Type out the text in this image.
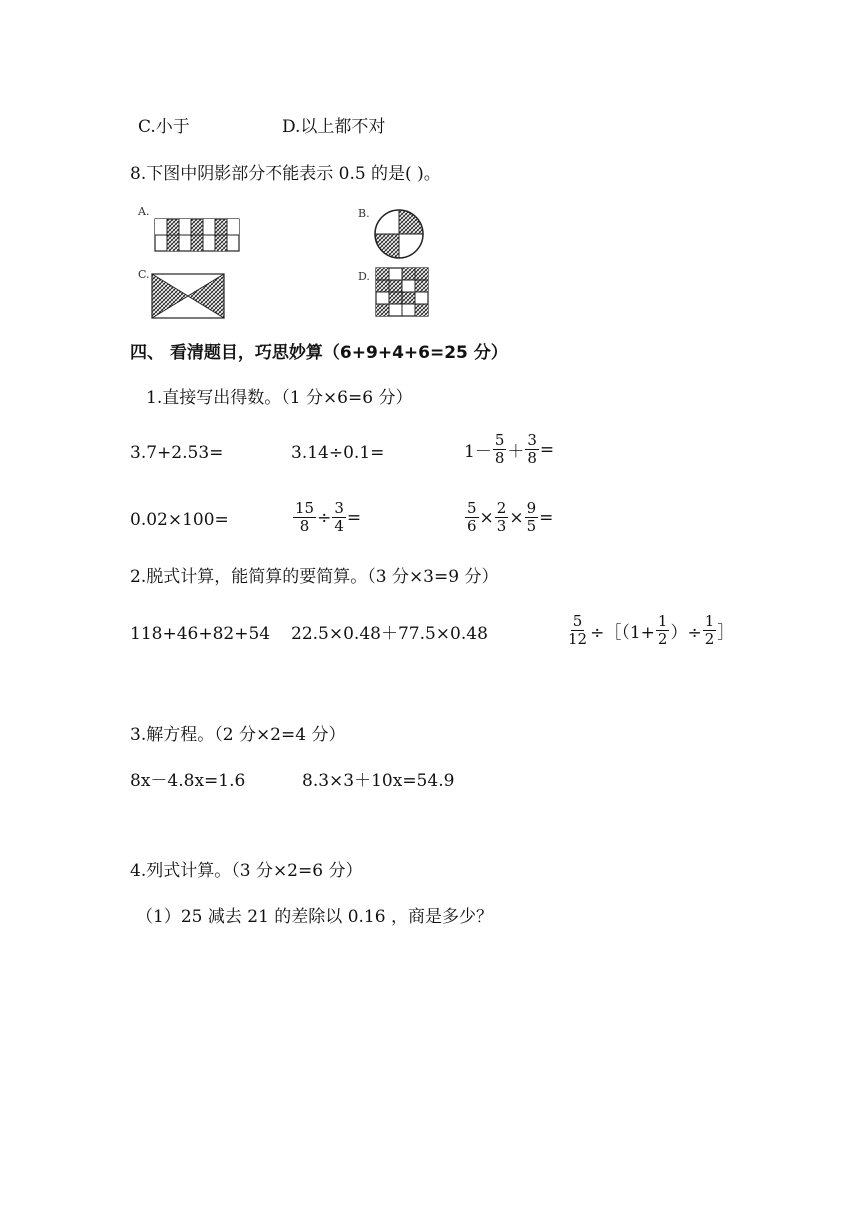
C.小于	D.以上都不对
8.下图中阴影部分不能表示 0.5 的是( )。
A.	B.
C.	D.
四、 看清题目，巧思妙算（6+9+4+6=25 分）
1.直接写出得数。（1 分×6=6 分）
3.7+2.53=	3.14÷0.1=	$1- \frac{5}{8} + \frac{3}{8}$ =
0.02×100=	$\frac{15}{8} \div \frac{3}{4}$ =	$\frac{5}{6} \times \frac{2}{3} \times \frac{9}{5}$ =
2.脱式计算，能简算的要简算。（3 分×3=9 分）
118+46+82+54 22.5×0.48＋77.5×0.48	$\frac{5}{12}$ ÷［（1+ $\frac{1}{2}$ ）÷ $\frac{1}{2}$ ］
3.解方程。（2 分×2=4 分）
8x－4.8x=1.6	8.3×3＋10x=54.9
4.列式计算。（3 分×2=6 分）
（1）25 减去 21 的差除以 0.16 ，商是多少？
